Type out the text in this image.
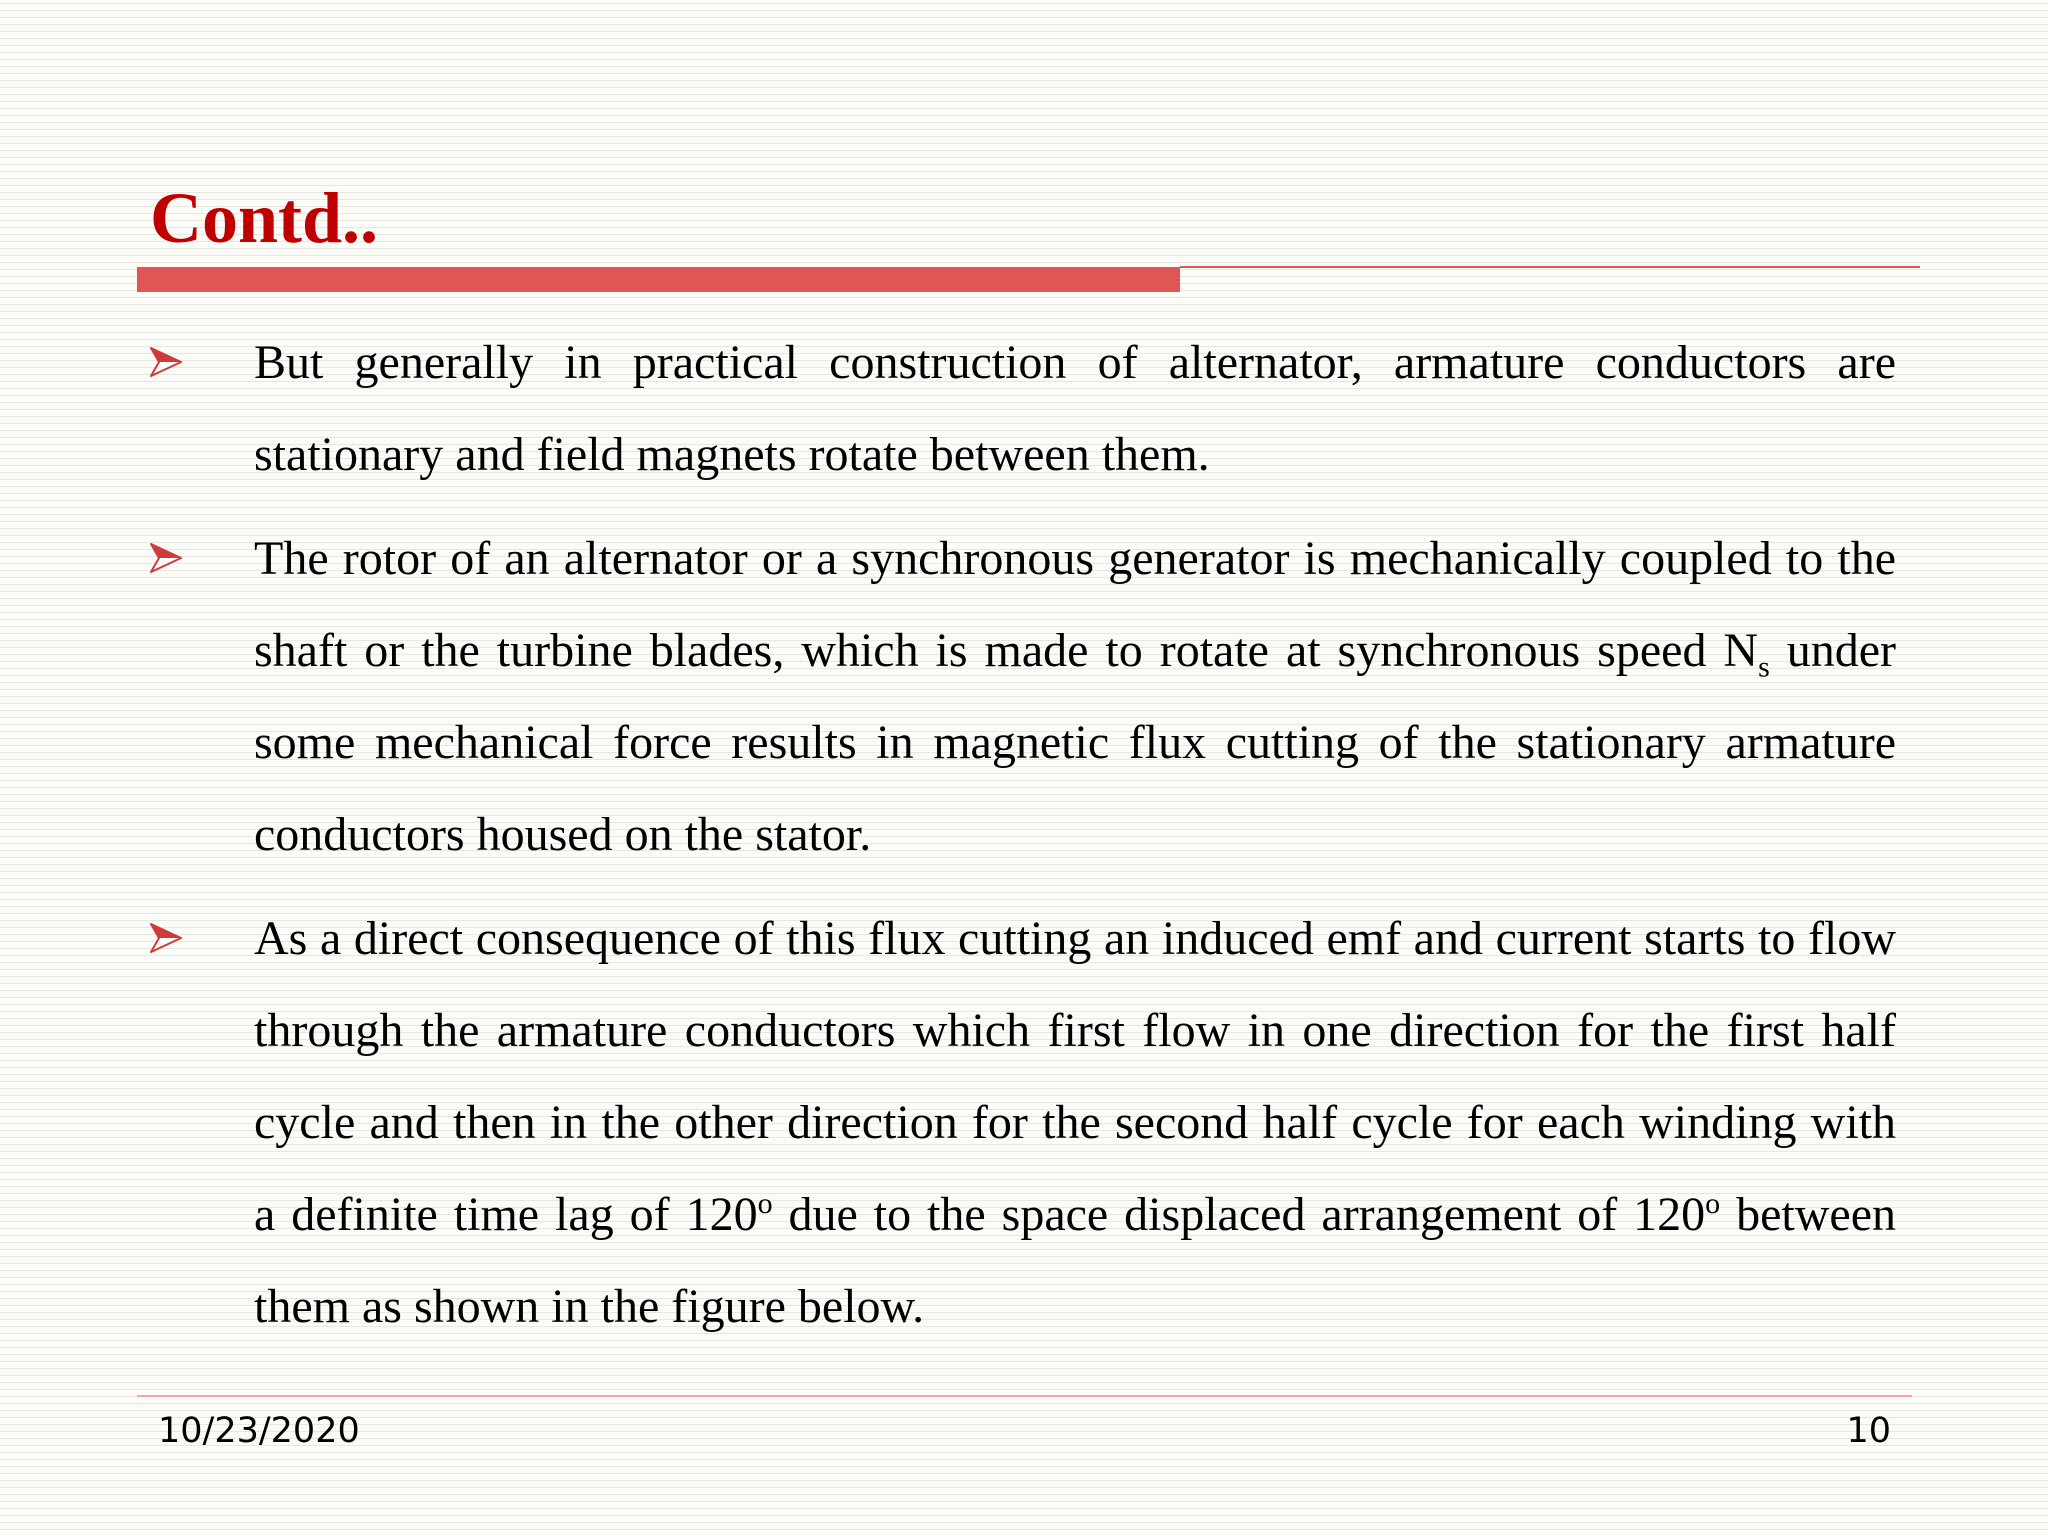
Contd..
But generally in practical construction of alternator, armature conductors are stationary and field magnets rotate between them.
The rotor of an alternator or a synchronous generator is mechanically coupled to the shaft or the turbine blades, which is made to rotate at synchronous speed $N_s$ under some mechanical force results in magnetic flux cutting of the stationary armature conductors housed on the stator.
As a direct consequence of this flux cutting an induced emf and current starts to flow through the armature conductors which first flow in one direction for the first half cycle and then in the other direction for the second half cycle for each winding with a definite time lag of 120$^o$ due to the space displaced arrangement of 120$^o$ between them as shown in the figure below.
10/23/2020	10
